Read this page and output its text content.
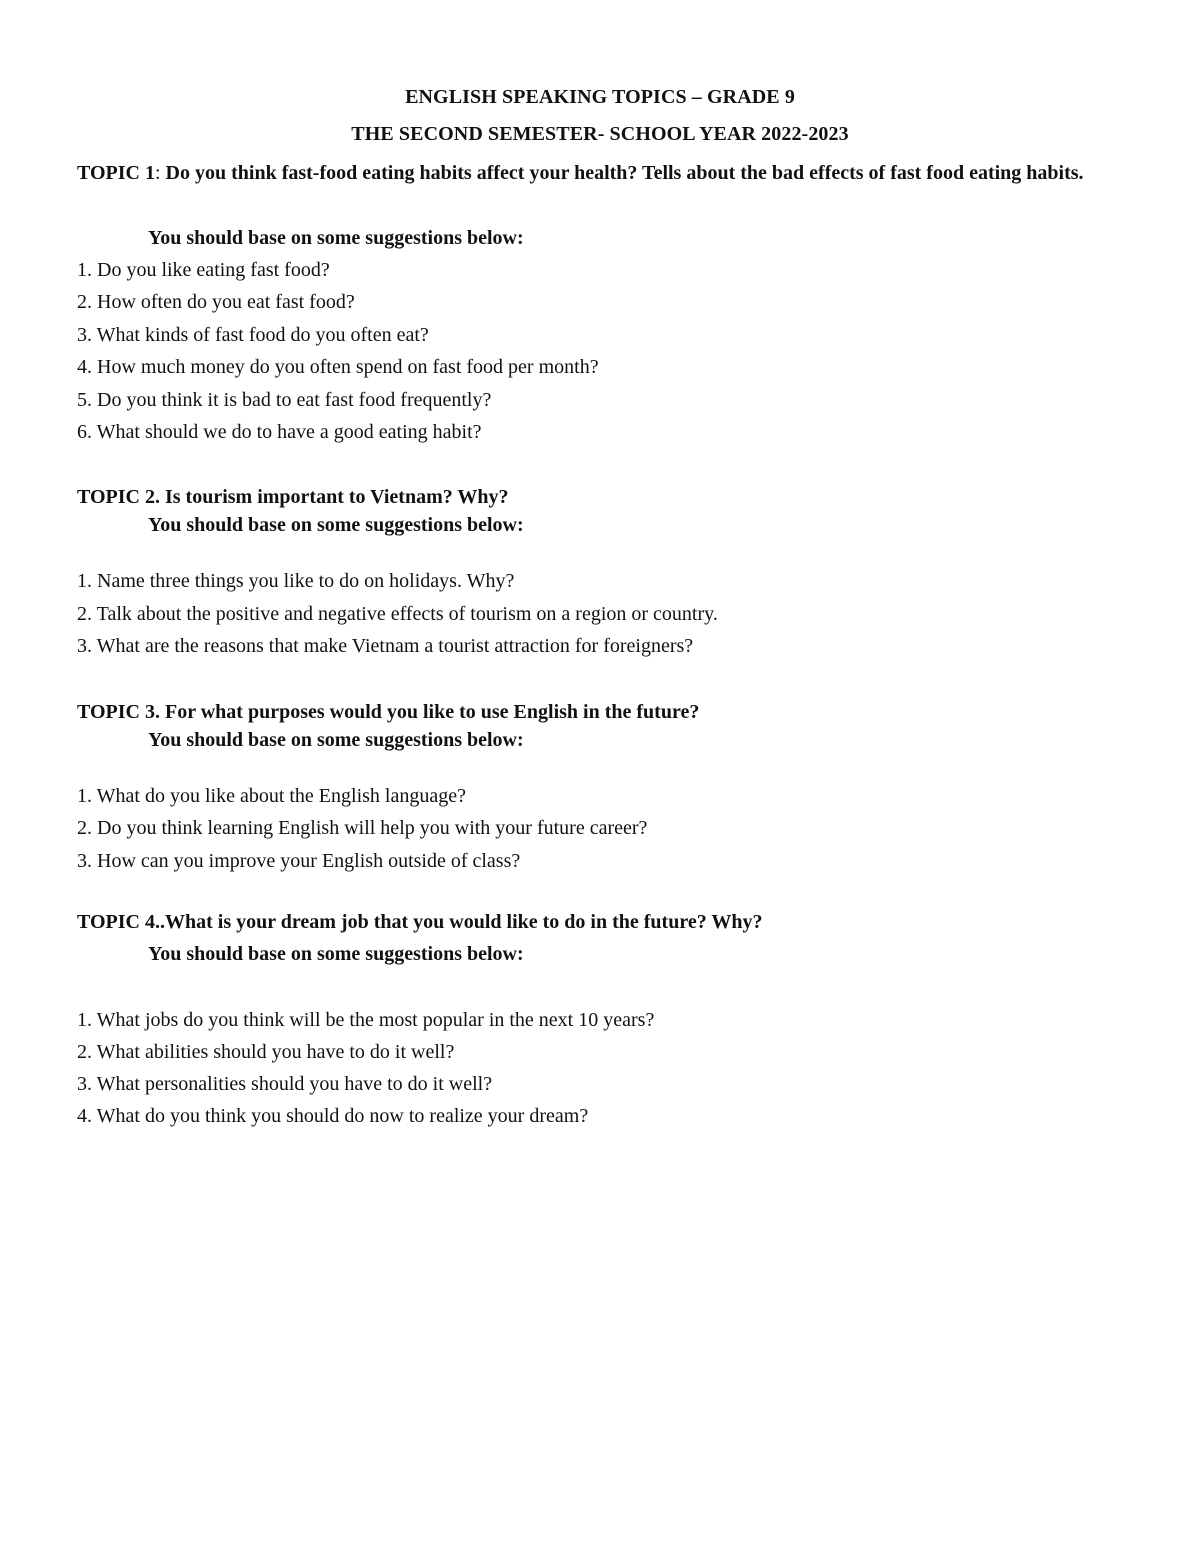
ENGLISH SPEAKING TOPICS – GRADE 9
THE SECOND SEMESTER- SCHOOL YEAR 2022-2023
TOPIC 1: Do you think fast-food eating habits affect your health? Tells about the bad effects of fast food eating habits.
You should base on some suggestions below:
1. Do you like eating fast food?
2. How often do you eat fast food?
3. What kinds of fast food do you often eat?
4. How much money do you often spend on fast food per month?
5. Do you think it is bad to eat fast food frequently?
6. What should we do to have a good eating habit?
TOPIC 2. Is tourism important to Vietnam? Why?
You should base on some suggestions below:
1. Name three things you like to do on holidays. Why?
2. Talk about the positive and negative effects of tourism on a region or country.
3. What are the reasons that make Vietnam a tourist attraction for foreigners?
TOPIC 3. For what purposes would you like to use English in the future?
You should base on some suggestions below:
1. What do you like about the English language?
2. Do you think learning English will help you with your future career?
3. How can you improve your English outside of class?
TOPIC 4..What is your dream job that you would like to do in the future? Why?
You should base on some suggestions below:
1. What jobs do you think will be the most popular in the next 10 years?
2. What abilities should you have to do it well?
3. What personalities should you have to do it well?
4. What do you think you should do now to realize your dream?
